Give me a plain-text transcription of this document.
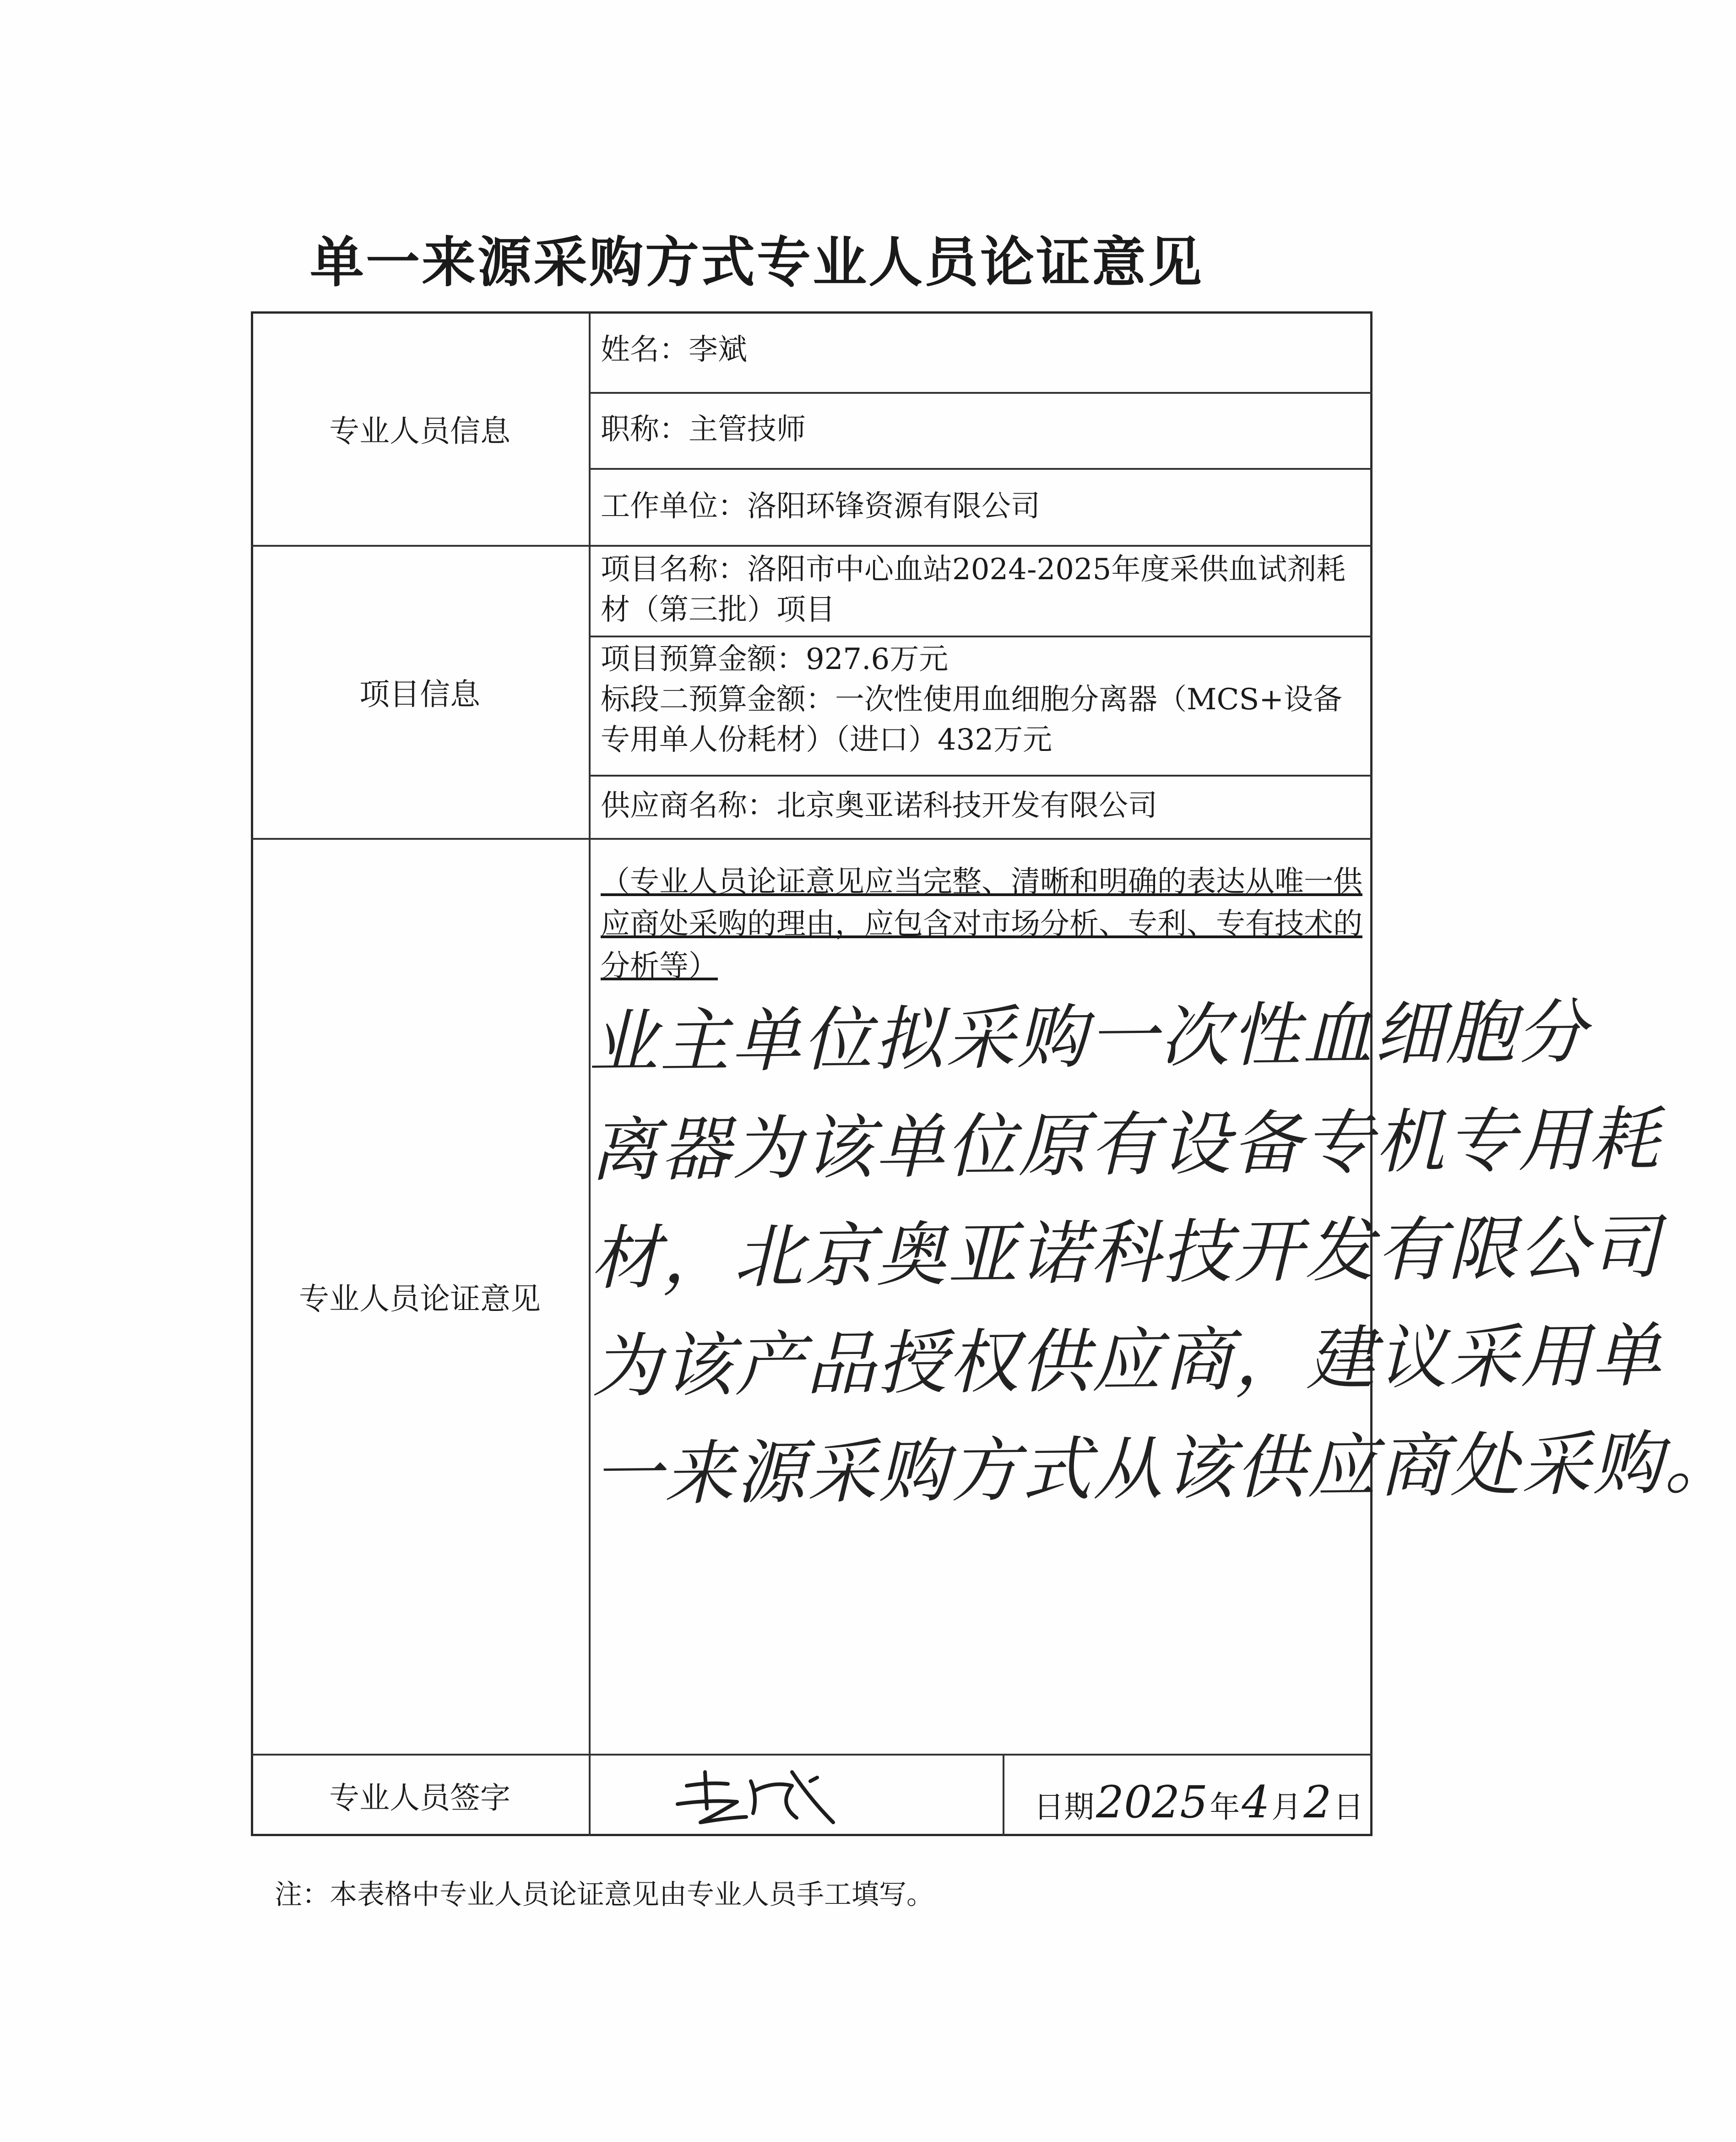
单一来源采购方式专业人员论证意见
专业人员信息
姓名：李斌
职称：主管技师
工作单位：洛阳环锋资源有限公司
项目信息
项目名称：洛阳市中心血站2024-2025年度采供血试剂耗材（第三批）项目
项目预算金额：927.6万元
标段二预算金额：一次性使用血细胞分离器（MCS+设备专用单人份耗材）（进口）432万元
供应商名称：北京奥亚诺科技开发有限公司
专业人员论证意见
（专业人员论证意见应当完整、清晰和明确的表达从唯一供应商处采购的理由，应包含对市场分析、专利、专有技术的分析等）
业主单位拟采购一次性血细胞分
离器为该单位原有设备专机专用耗
材，北京奥亚诺科技开发有限公司
为该产品授权供应商，建议采用单
一来源采购方式从该供应商处采购。
专业人员签字	日期2025年4月2日
注：本表格中专业人员论证意见由专业人员手工填写。
